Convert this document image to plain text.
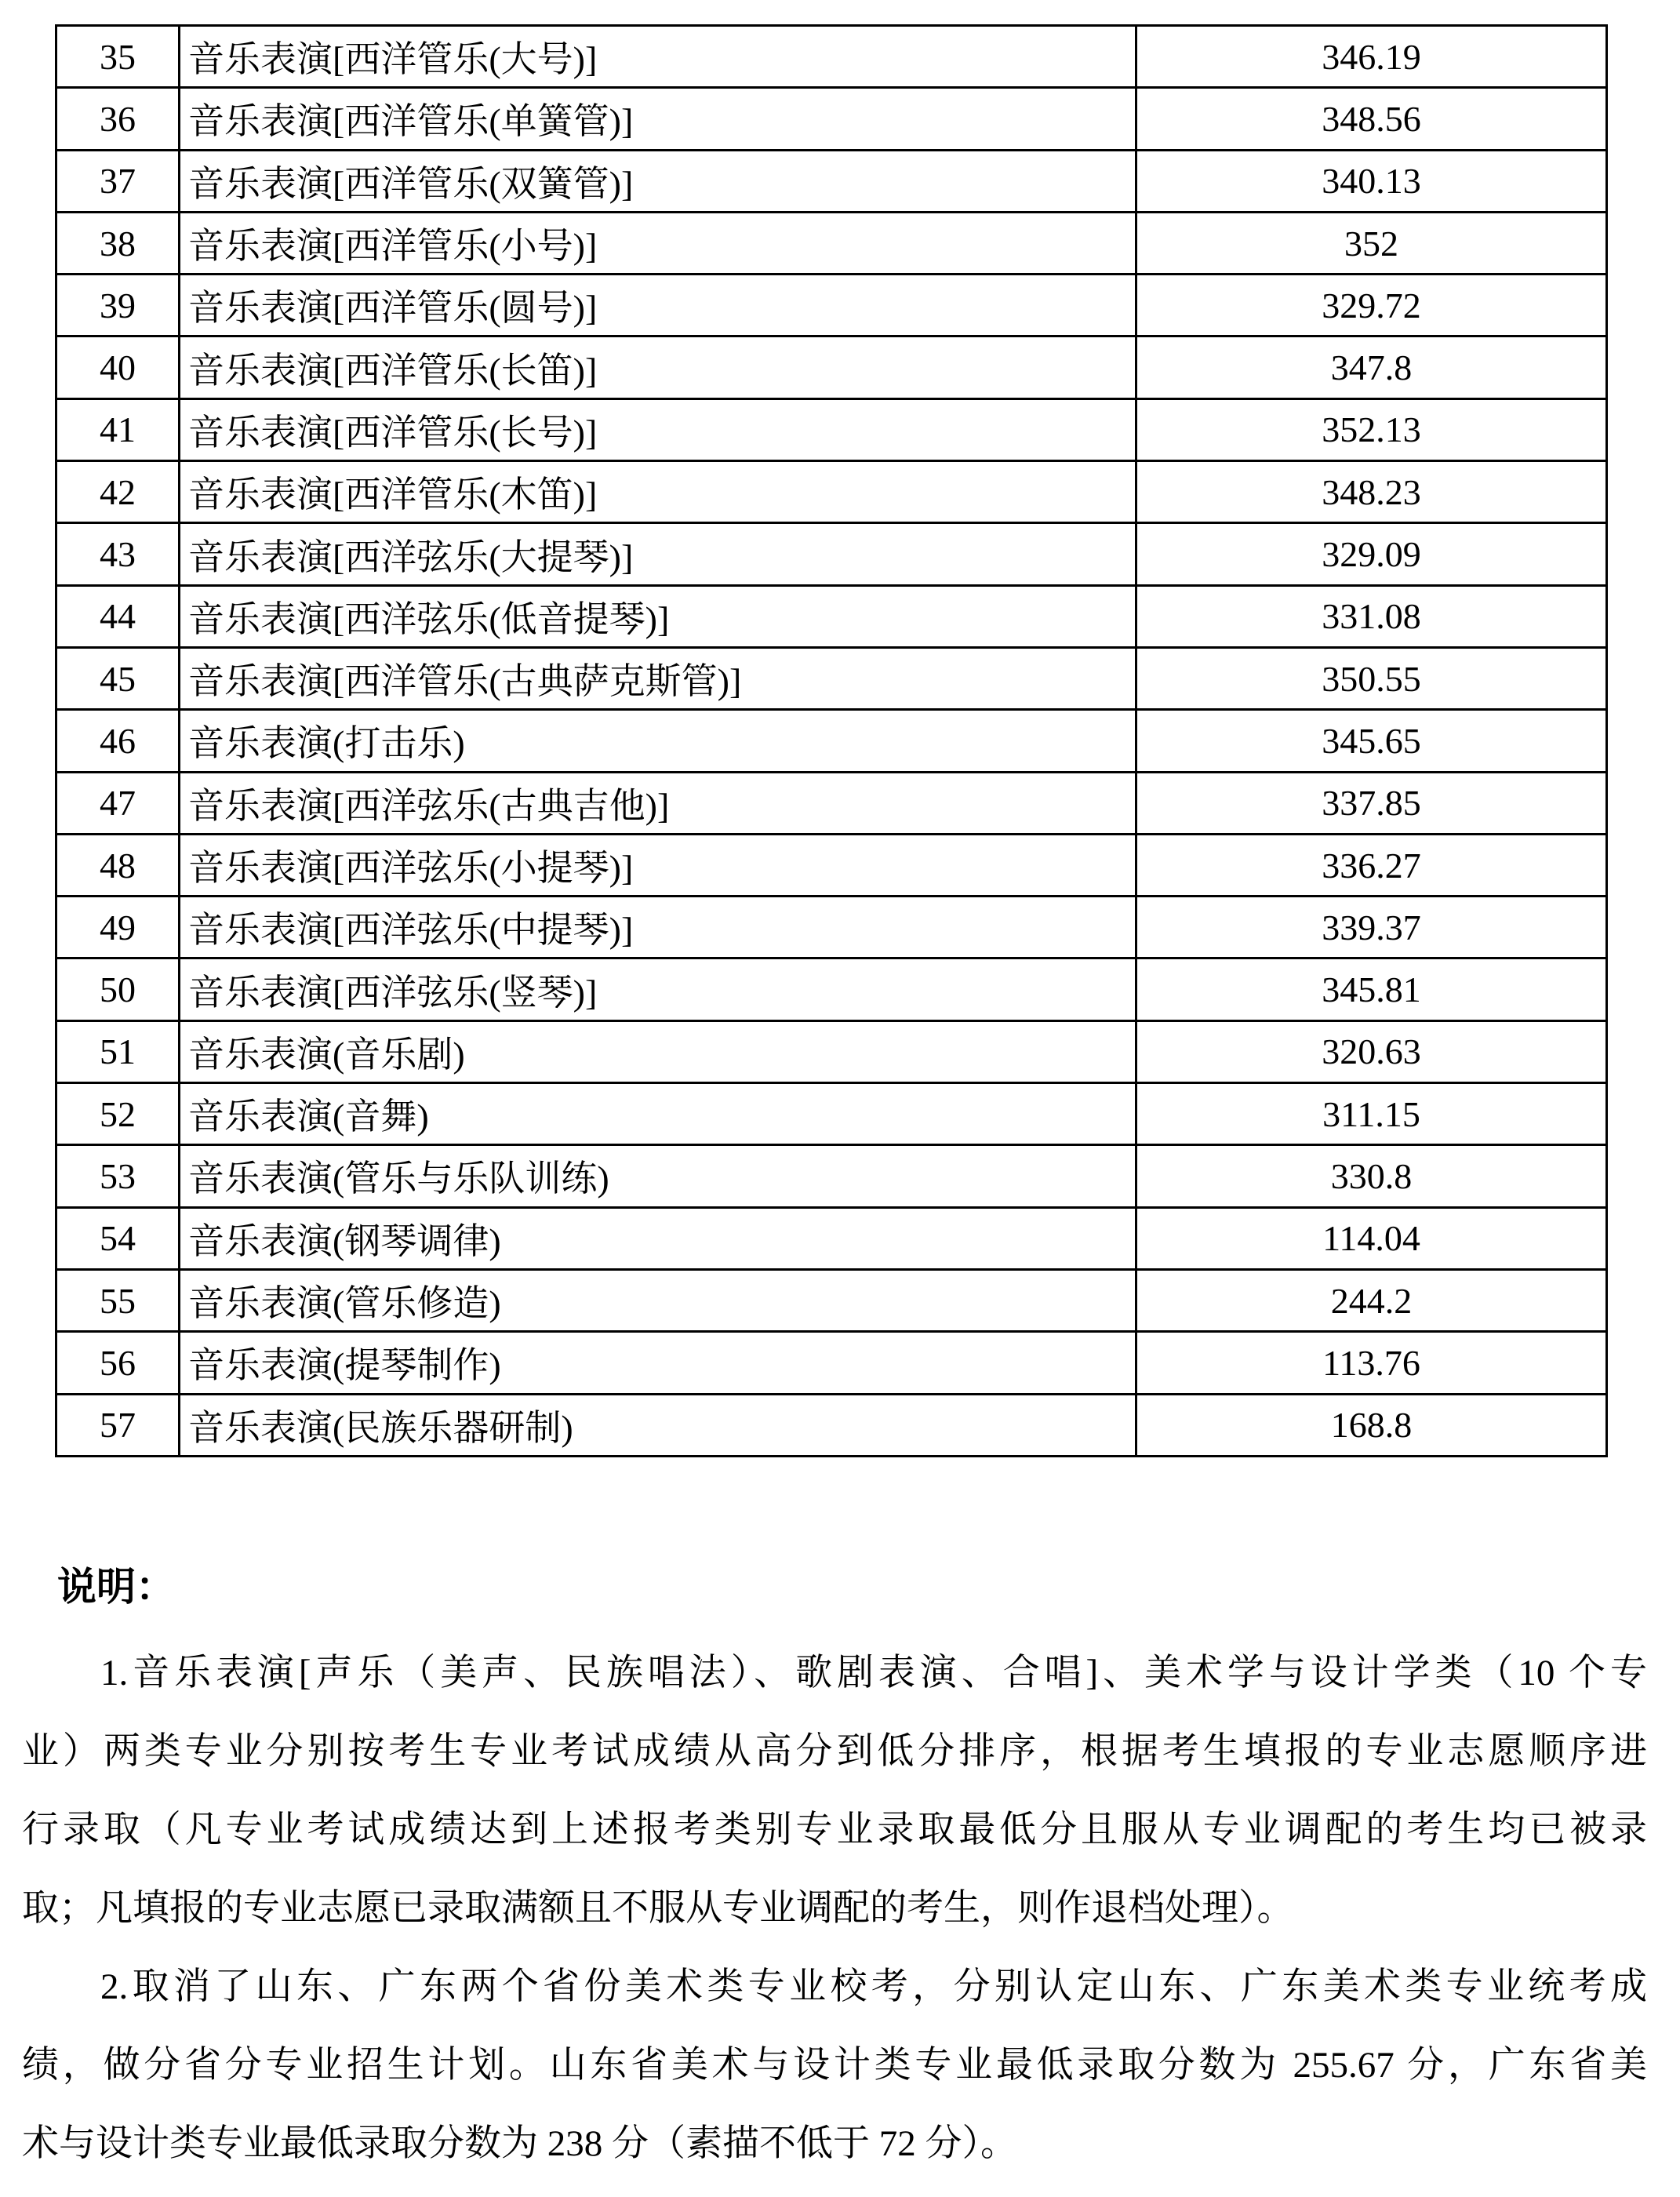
35	音乐表演[西洋管乐(大号)]	346.19
36	音乐表演[西洋管乐(单簧管)]	348.56
37	音乐表演[西洋管乐(双簧管)]	340.13
38	音乐表演[西洋管乐(小号)]	352
39	音乐表演[西洋管乐(圆号)]	329.72
40	音乐表演[西洋管乐(长笛)]	347.8
41	音乐表演[西洋管乐(长号)]	352.13
42	音乐表演[西洋管乐(木笛)]	348.23
43	音乐表演[西洋弦乐(大提琴)]	329.09
44	音乐表演[西洋弦乐(低音提琴)]	331.08
45	音乐表演[西洋管乐(古典萨克斯管)]	350.55
46	音乐表演(打击乐)	345.65
47	音乐表演[西洋弦乐(古典吉他)]	337.85
48	音乐表演[西洋弦乐(小提琴)]	336.27
49	音乐表演[西洋弦乐(中提琴)]	339.37
50	音乐表演[西洋弦乐(竖琴)]	345.81
51	音乐表演(音乐剧)	320.63
52	音乐表演(音舞)	311.15
53	音乐表演(管乐与乐队训练)	330.8
54	音乐表演(钢琴调律)	114.04
55	音乐表演(管乐修造)	244.2
56	音乐表演(提琴制作)	113.76
57	音乐表演(民族乐器研制)	168.8
说明：
1.音乐表演[声乐（美声、民族唱法）、歌剧表演、合唱]、美术学与设计学类（10 个专
业）两类专业分别按考生专业考试成绩从高分到低分排序，根据考生填报的专业志愿顺序进
行录取（凡专业考试成绩达到上述报考类别专业录取最低分且服从专业调配的考生均已被录
取；凡填报的专业志愿已录取满额且不服从专业调配的考生，则作退档处理）。
2.取消了山东、广东两个省份美术类专业校考，分别认定山东、广东美术类专业统考成
绩，做分省分专业招生计划。山东省美术与设计类专业最低录取分数为 255.67 分，广东省美
术与设计类专业最低录取分数为 238 分（素描不低于 72 分）。
